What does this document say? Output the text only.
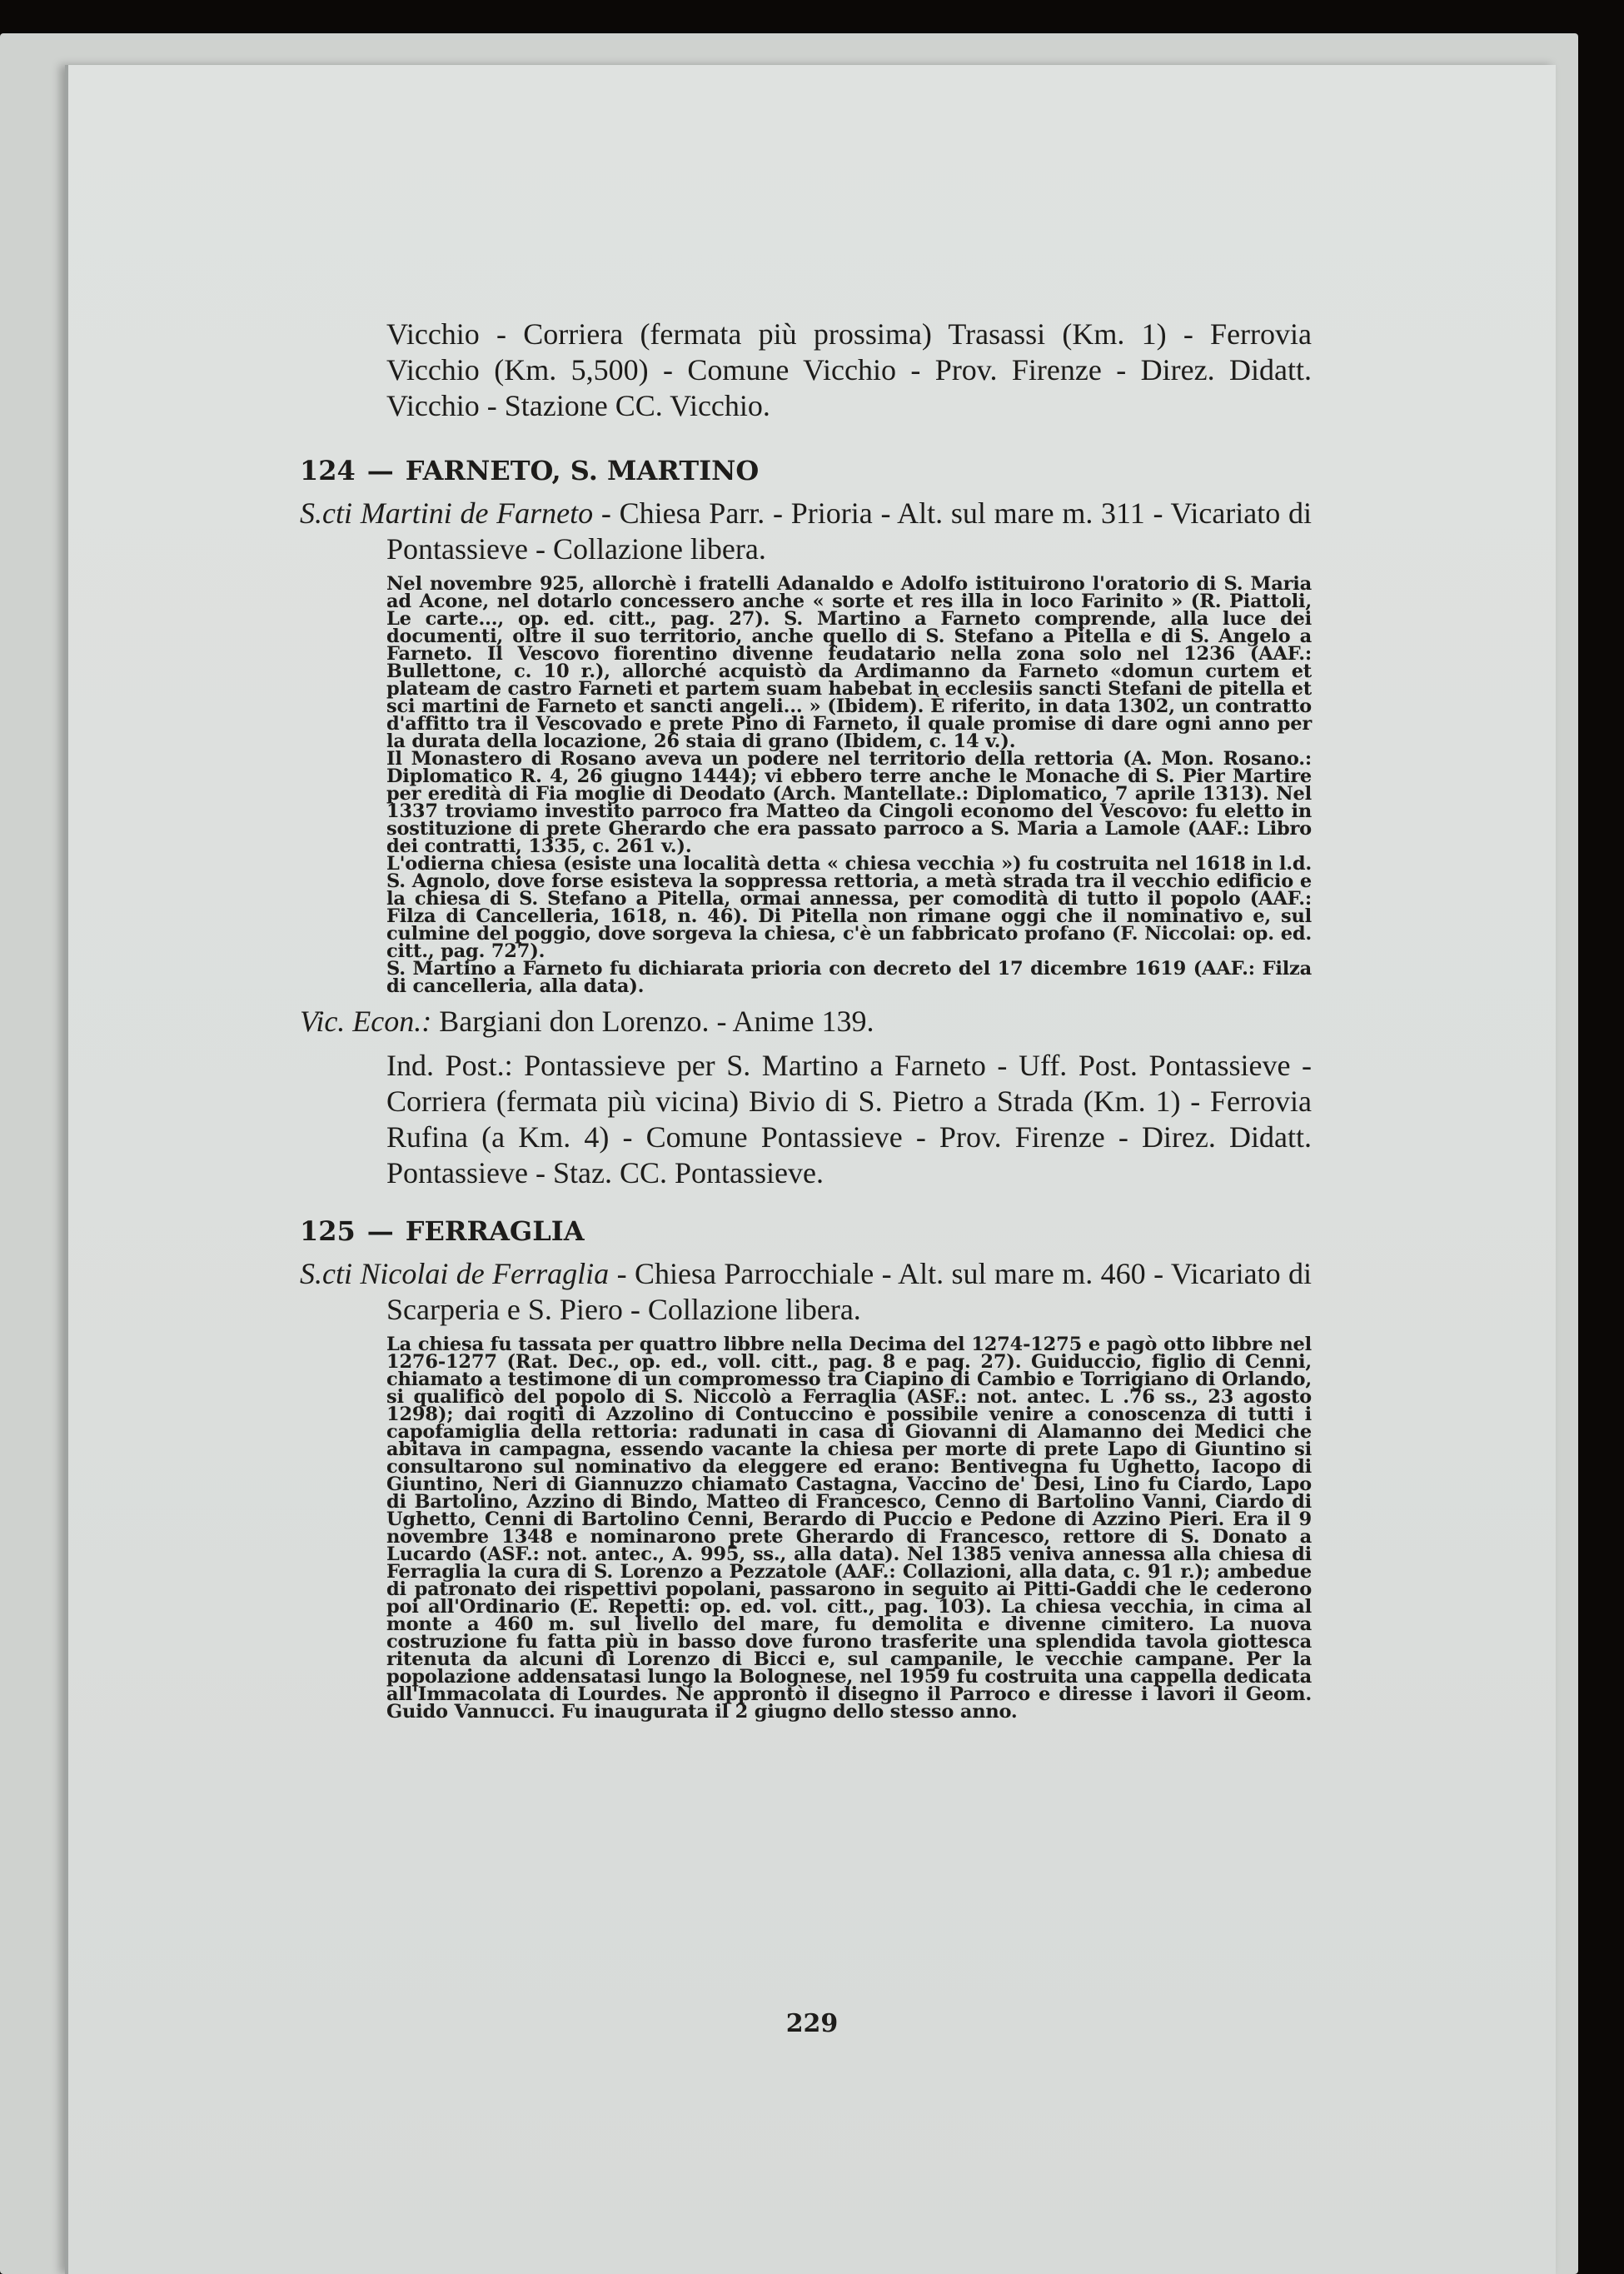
Vicchio - Corriera (fermata più prossima) Trasassi (Km. 1) - Ferrovia Vicchio (Km. 5,500) - Comune Vicchio - Prov. Firenze - Direz. Didatt. Vicchio - Stazione CC. Vicchio.

124 — FARNETO, S. MARTINO

S.cti Martini de Farneto - Chiesa Parr. - Prioria - Alt. sul mare m. 311 - Vicariato di Pontassieve - Collazione libera.

Nel novembre 925, allorchè i fratelli Adanaldo e Adolfo istituirono l'oratorio di S. Maria ad Acone, nel dotarlo concessero anche « sorte et res illa in loco Farinito » (R. Piattoli, Le carte..., op. ed. citt., pag. 27). S. Martino a Farneto comprende, alla luce dei documenti, oltre il suo territorio, anche quello di S. Stefano a Pitella e di S. Angelo a Farneto. Il Vescovo fiorentino divenne feudatario nella zona solo nel 1236 (AAF.: Bullettone, c. 10 r.), allorché acquistò da Ardimanno da Farneto «domun curtem et plateam de castro Farneti et partem suam habebat in ecclesiis sancti Stefani de pitella et sci martini de Farneto et sancti angeli... » (Ibidem). È riferito, in data 1302, un contratto d'affitto tra il Vescovado e prete Pino di Farneto, il quale promise di dare ogni anno per la durata della locazione, 26 staia di grano (Ibidem, c. 14 v.).

Il Monastero di Rosano aveva un podere nel territorio della rettoria (A. Mon. Rosano.: Diplomatico R. 4, 26 giugno 1444); vi ebbero terre anche le Monache di S. Pier Martire per eredità di Fia moglie di Deodato (Arch. Mantellate.: Diplomatico, 7 aprile 1313). Nel 1337 troviamo investito parroco fra Matteo da Cingoli economo del Vescovo: fu eletto in sostituzione di prete Gherardo che era passato parroco a S. Maria a Lamole (AAF.: Libro dei contratti, 1335, c. 261 v.).

L'odierna chiesa (esiste una località detta « chiesa vecchia ») fu costruita nel 1618 in l.d. S. Agnolo, dove forse esisteva la soppressa rettoria, a metà strada tra il vecchio edificio e la chiesa di S. Stefano a Pitella, ormai annessa, per comodità di tutto il popolo (AAF.: Filza di Cancelleria, 1618, n. 46). Di Pitella non rimane oggi che il nominativo e, sul culmine del poggio, dove sorgeva la chiesa, c'è un fabbricato profano (F. Niccolai: op. ed. citt., pag. 727).

S. Martino a Farneto fu dichiarata prioria con decreto del 17 dicembre 1619 (AAF.: Filza di cancelleria, alla data).

Vic. Econ.: Bargiani don Lorenzo. - Anime 139.

Ind. Post.: Pontassieve per S. Martino a Farneto - Uff. Post. Pontassieve - Corriera (fermata più vicina) Bivio di S. Pietro a Strada (Km. 1) - Ferrovia Rufina (a Km. 4) - Comune Pontassieve - Prov. Firenze - Direz. Didatt. Pontassieve - Staz. CC. Pontassieve.

125 — FERRAGLIA

S.cti Nicolai de Ferraglia - Chiesa Parrocchiale - Alt. sul mare m. 460 - Vicariato di Scarperia e S. Piero - Collazione libera.

La chiesa fu tassata per quattro libbre nella Decima del 1274-1275 e pagò otto libbre nel 1276-1277 (Rat. Dec., op. ed., voll. citt., pag. 8 e pag. 27). Guiduccio, figlio di Cenni, chiamato a testimone di un compromesso tra Ciapino di Cambio e Torrigiano di Orlando, si qualificò del popolo di S. Niccolò a Ferraglia (ASF.: not. antec. L .76 ss., 23 agosto 1298); dai rogiti di Azzolino di Contuccino è possibile venire a conoscenza di tutti i capofamiglia della rettoria: radunati in casa di Giovanni di Alamanno dei Medici che abitava in campagna, essendo vacante la chiesa per morte di prete Lapo di Giuntino si consultarono sul nominativo da eleggere ed erano: Bentivegna fu Ughetto, Iacopo di Giuntino, Neri di Giannuzzo chiamato Castagna, Vaccino de' Desi, Lino fu Ciardo, Lapo di Bartolino, Azzino di Bindo, Matteo di Francesco, Cenno di Bartolino Vanni, Ciardo di Ughetto, Cenni di Bartolino Cenni, Berardo di Puccio e Pedone di Azzino Pieri. Era il 9 novembre 1348 e nominarono prete Gherardo di Francesco, rettore di S. Donato a Lucardo (ASF.: not. antec., A. 995, ss., alla data). Nel 1385 veniva annessa alla chiesa di Ferraglia la cura di S. Lorenzo a Pezzatole (AAF.: Collazioni, alla data, c. 91 r.); ambedue di patronato dei rispettivi popolani, passarono in seguito ai Pitti-Gaddi che le cederono poi all'Ordinario (E. Repetti: op. ed. vol. citt., pag. 103). La chiesa vecchia, in cima al monte a 460 m. sul livello del mare, fu demolita e divenne cimitero. La nuova costruzione fu fatta più in basso dove furono trasferite una splendida tavola giottesca ritenuta da alcuni di Lorenzo di Bicci e, sul campanile, le vecchie campane. Per la popolazione addensatasi lungo la Bolognese, nel 1959 fu costruita una cappella dedicata all'Immacolata di Lourdes. Ne approntò il disegno il Parroco e diresse i lavori il Geom. Guido Vannucci. Fu inaugurata il 2 giugno dello stesso anno.

229
